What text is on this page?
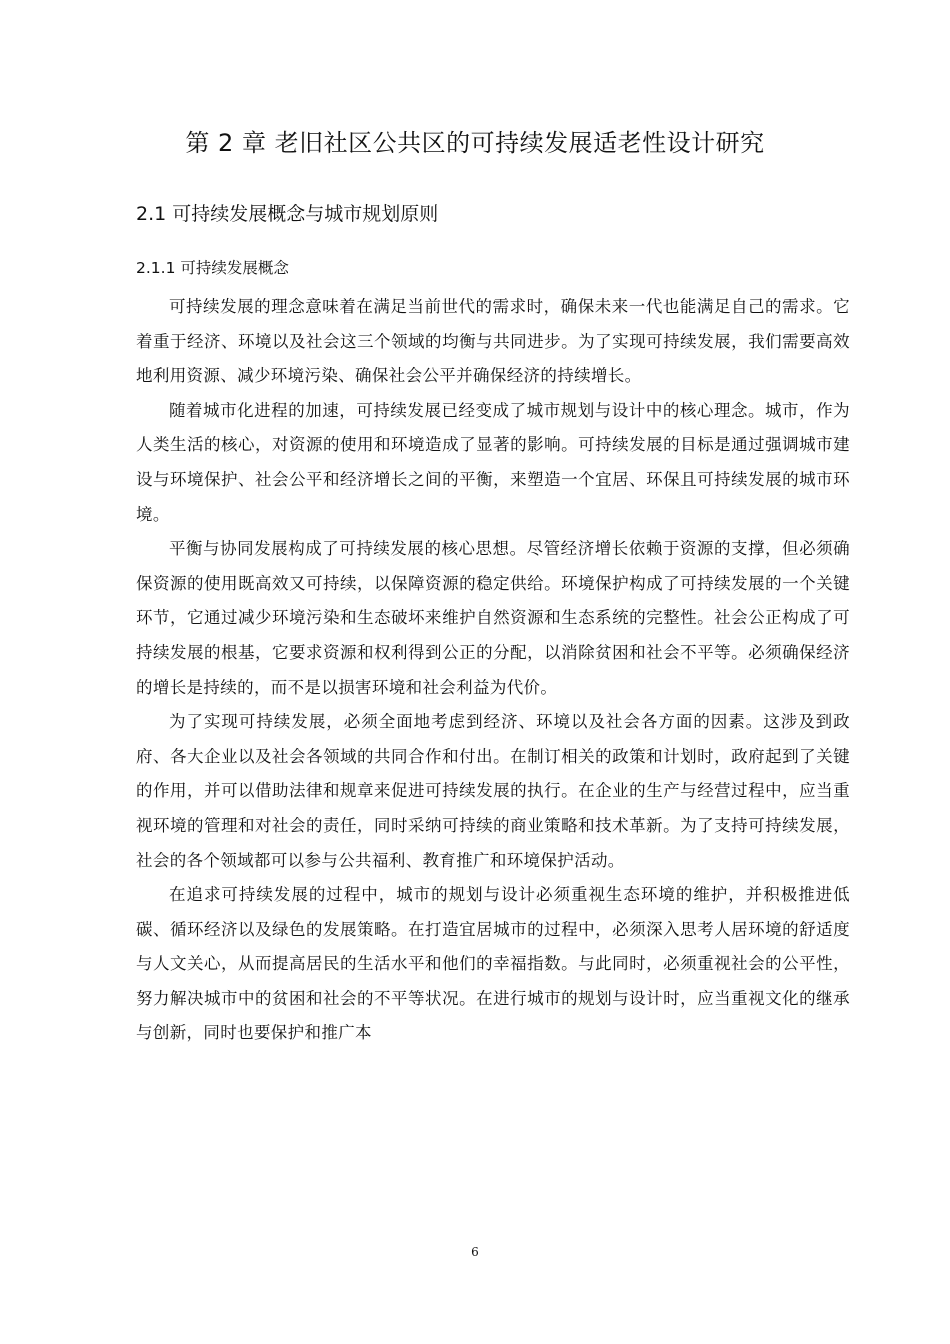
第 2 章 老旧社区公共区的可持续发展适老性设计研究
2.1 可持续发展概念与城市规划原则
2.1.1 可持续发展概念

可持续发展的理念意味着在满足当前世代的需求时，确保未来一代也能满足自己的需求。它着重于经济、环境以及社会这三个领域的均衡与共同进步。为了实现可持续发展，我们需要高效地利用资源、减少环境污染、确保社会公平并确保经济的持续增长。

随着城市化进程的加速，可持续发展已经变成了城市规划与设计中的核心理念。城市，作为人类生活的核心，对资源的使用和环境造成了显著的影响。可持续发展的目标是通过强调城市建设与环境保护、社会公平和经济增长之间的平衡，来塑造一个宜居、环保且可持续发展的城市环境。

平衡与协同发展构成了可持续发展的核心思想。尽管经济增长依赖于资源的支撑，但必须确保资源的使用既高效又可持续，以保障资源的稳定供给。环境保护构成了可持续发展的一个关键环节，它通过减少环境污染和生态破坏来维护自然资源和生态系统的完整性。社会公正构成了可持续发展的根基，它要求资源和权利得到公正的分配，以消除贫困和社会不平等。必须确保经济的增长是持续的，而不是以损害环境和社会利益为代价。

为了实现可持续发展，必须全面地考虑到经济、环境以及社会各方面的因素。这涉及到政府、各大企业以及社会各领域的共同合作和付出。在制订相关的政策和计划时，政府起到了关键的作用，并可以借助法律和规章来促进可持续发展的执行。在企业的生产与经营过程中，应当重视环境的管理和对社会的责任，同时采纳可持续的商业策略和技术革新。为了支持可持续发展，社会的各个领域都可以参与公共福利、教育推广和环境保护活动。

在追求可持续发展的过程中，城市的规划与设计必须重视生态环境的维护，并积极推进低碳、循环经济以及绿色的发展策略。在打造宜居城市的过程中，必须深入思考人居环境的舒适度与人文关心，从而提高居民的生活水平和他们的幸福指数。与此同时，必须重视社会的公平性，努力解决城市中的贫困和社会的不平等状况。在进行城市的规划与设计时，应当重视文化的继承与创新，同时也要保护和推广本

6
